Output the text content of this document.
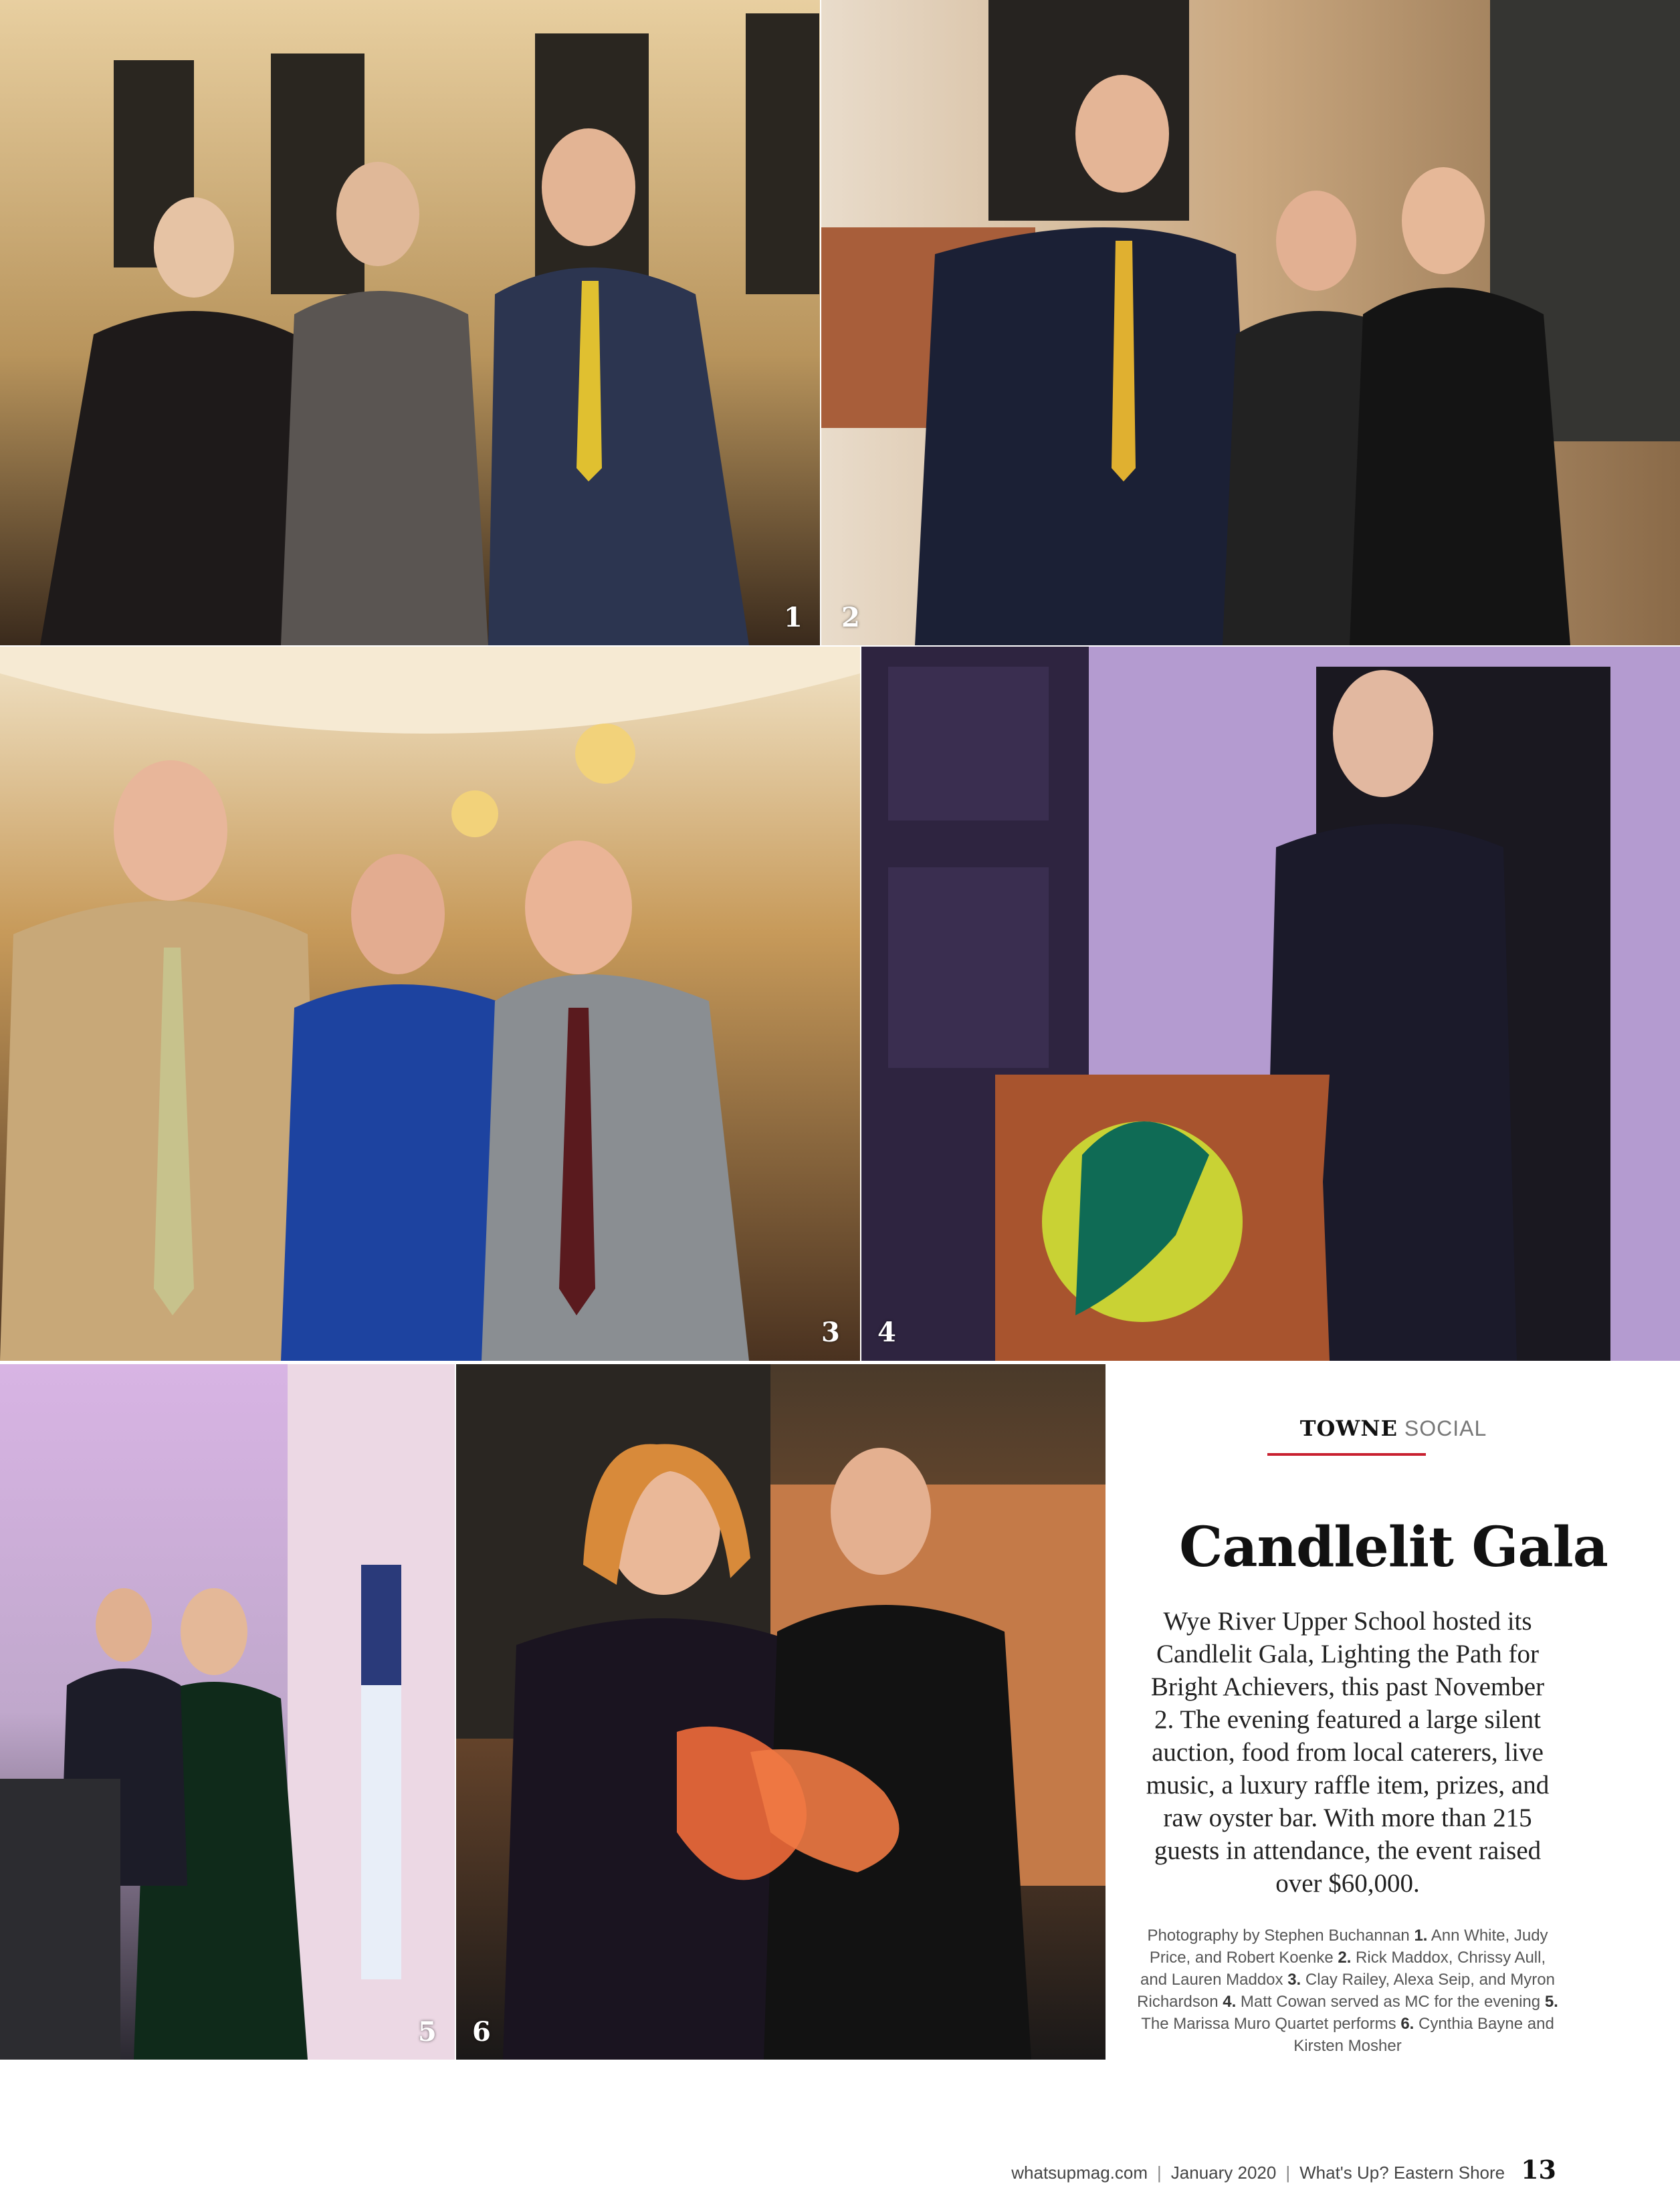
1 2
3 4
5 6
TOWNE SOCIAL
Candlelit Gala
Wye River Upper School hosted its Candlelit Gala, Lighting the Path for Bright Achievers, this past November 2. The evening featured a large silent auction, food from local caterers, live music, a luxury raffle item, prizes, and raw oyster bar. With more than 215 guests in attendance, the event raised over $60,000.
Photography by Stephen Buchannan 1. Ann White, Judy Price, and Robert Koenke 2. Rick Maddox, Chrissy Aull, and Lauren Maddox 3. Clay Railey, Alexa Seip, and Myron Richardson 4. Matt Cowan served as MC for the evening 5. The Marissa Muro Quartet performs 6. Cynthia Bayne and Kirsten Mosher
whatsupmag.com | January 2020 | What's Up? Eastern Shore 13
